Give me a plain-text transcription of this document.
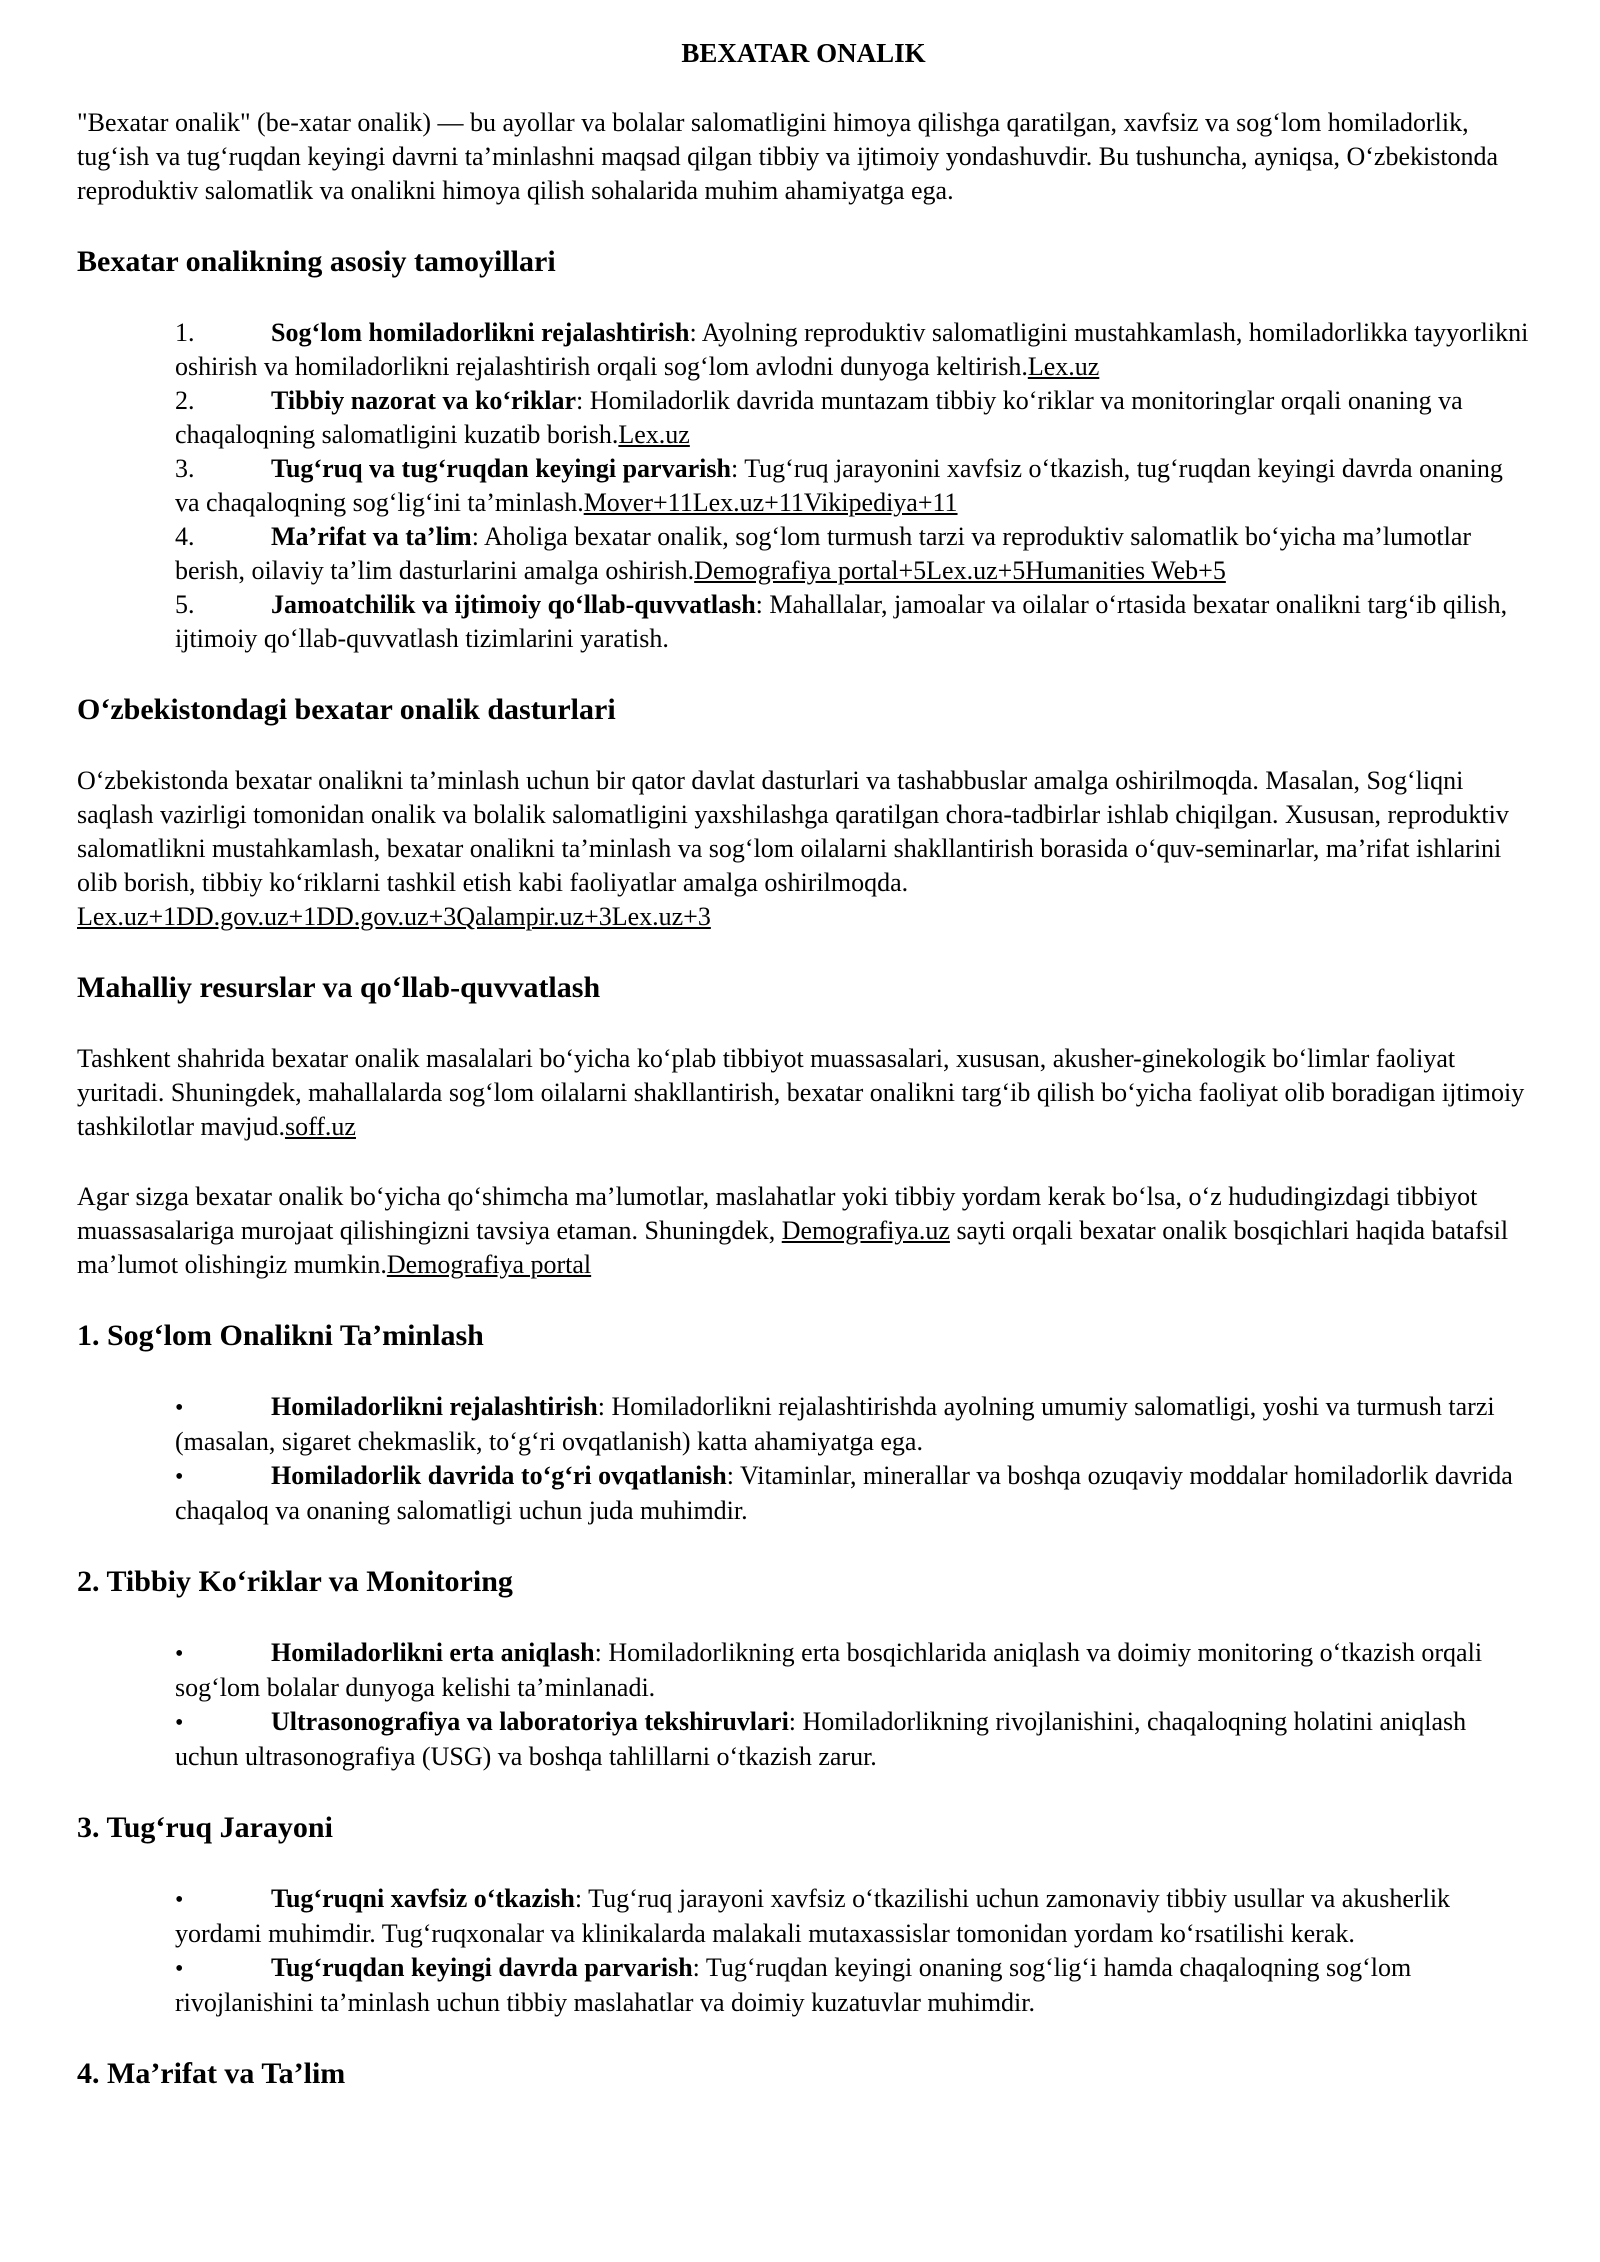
BEXATAR ONALIK

"Bexatar onalik" (be-xatar onalik) — bu ayollar va bolalar salomatligini himoya qilishga qaratilgan, xavfsiz va sog‘lom homiladorlik, tug‘ish va tug‘ruqdan keyingi davrni ta’minlashni maqsad qilgan tibbiy va ijtimoiy yondashuvdir. Bu tushuncha, ayniqsa, O‘zbekistonda reproduktiv salomatlik va onalikni himoya qilish sohalarida muhim ahamiyatga ega.

Bexatar onalikning asosiy tamoyillari
1.	Sog‘lom homiladorlikni rejalashtirish: Ayolning reproduktiv salomatligini mustahkamlash, homiladorlikka tayyorlikni oshirish va homiladorlikni rejalashtirish orqali sog‘lom avlodni dunyoga keltirish.Lex.uz
2.	Tibbiy nazorat va ko‘riklar: Homiladorlik davrida muntazam tibbiy ko‘riklar va monitoringlar orqali onaning va chaqaloqning salomatligini kuzatib borish.Lex.uz
3.	Tug‘ruq va tug‘ruqdan keyingi parvarish: Tug‘ruq jarayonini xavfsiz o‘tkazish, tug‘ruqdan keyingi davrda onaning va chaqaloqning sog‘lig‘ini ta’minlash.Mover+11Lex.uz+11Vikipediya+11
4.	Ma’rifat va ta’lim: Aholiga bexatar onalik, sog‘lom turmush tarzi va reproduktiv salomatlik bo‘yicha ma’lumotlar berish, oilaviy ta’lim dasturlarini amalga oshirish.Demografiya portal+5Lex.uz+5Humanities Web+5
5.	Jamoatchilik va ijtimoiy qo‘llab-quvvatlash: Mahallalar, jamoalar va oilalar o‘rtasida bexatar onalikni targ‘ib qilish, ijtimoiy qo‘llab-quvvatlash tizimlarini yaratish.
O‘zbekistondagi bexatar onalik dasturlari

O‘zbekistonda bexatar onalikni ta’minlash uchun bir qator davlat dasturlari va tashabbuslar amalga oshirilmoqda. Masalan, Sog‘liqni saqlash vazirligi tomonidan onalik va bolalik salomatligini yaxshilashga qaratilgan chora-tadbirlar ishlab chiqilgan. Xususan, reproduktiv salomatlikni mustahkamlash, bexatar onalikni ta’minlash va sog‘lom oilalarni shakllantirish borasida o‘quv-seminarlar, ma’rifat ishlarini olib borish, tibbiy ko‘riklarni tashkil etish kabi faoliyatlar amalga oshirilmoqda. Lex.uz+1DD.gov.uz+1DD.gov.uz+3Qalampir.uz+3Lex.uz+3

Mahalliy resurslar va qo‘llab-quvvatlash

Tashkent shahrida bexatar onalik masalalari bo‘yicha ko‘plab tibbiyot muassasalari, xususan, akusher-ginekologik bo‘limlar faoliyat yuritadi. Shuningdek, mahallalarda sog‘lom oilalarni shakllantirish, bexatar onalikni targ‘ib qilish bo‘yicha faoliyat olib boradigan ijtimoiy tashkilotlar mavjud.soff.uz

Agar sizga bexatar onalik bo‘yicha qo‘shimcha ma’lumotlar, maslahatlar yoki tibbiy yordam kerak bo‘lsa, o‘z hududingizdagi tibbiyot muassasalariga murojaat qilishingizni tavsiya etaman. Shuningdek, Demografiya.uz sayti orqali bexatar onalik bosqichlari haqida batafsil ma’lumot olishingiz mumkin.Demografiya portal

1. Sog‘lom Onalikni Ta’minlash
•	Homiladorlikni rejalashtirish: Homiladorlikni rejalashtirishda ayolning umumiy salomatligi, yoshi va turmush tarzi (masalan, sigaret chekmaslik, to‘g‘ri ovqatlanish) katta ahamiyatga ega.
•	Homiladorlik davrida to‘g‘ri ovqatlanish: Vitaminlar, minerallar va boshqa ozuqaviy moddalar homiladorlik davrida chaqaloq va onaning salomatligi uchun juda muhimdir.
2. Tibbiy Ko‘riklar va Monitoring
•	Homiladorlikni erta aniqlash: Homiladorlikning erta bosqichlarida aniqlash va doimiy monitoring o‘tkazish orqali sog‘lom bolalar dunyoga kelishi ta’minlanadi.
•	Ultrasonografiya va laboratoriya tekshiruvlari: Homiladorlikning rivojlanishini, chaqaloqning holatini aniqlash uchun ultrasonografiya (USG) va boshqa tahlillarni o‘tkazish zarur.
3. Tug‘ruq Jarayoni
•	Tug‘ruqni xavfsiz o‘tkazish: Tug‘ruq jarayoni xavfsiz o‘tkazilishi uchun zamonaviy tibbiy usullar va akusherlik yordami muhimdir. Tug‘ruqxonalar va klinikalarda malakali mutaxassislar tomonidan yordam ko‘rsatilishi kerak.
•	Tug‘ruqdan keyingi davrda parvarish: Tug‘ruqdan keyingi onaning sog‘lig‘i hamda chaqaloqning sog‘lom rivojlanishini ta’minlash uchun tibbiy maslahatlar va doimiy kuzatuvlar muhimdir.
4. Ma’rifat va Ta’lim
